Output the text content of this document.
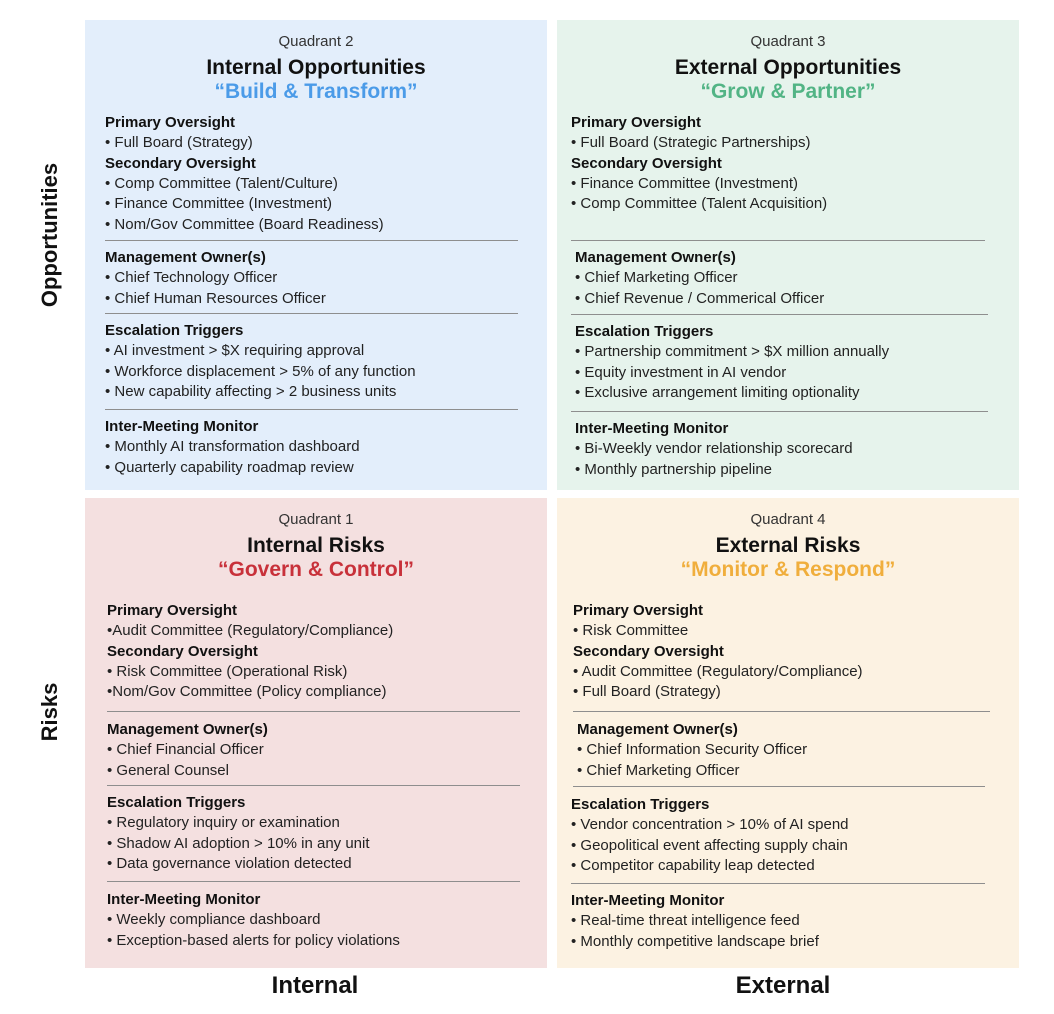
Opportunities
Risks
Internal	External
Quadrant 2
Internal Opportunities
“Build & Transform”
Primary Oversight
• Full Board (Strategy)
Secondary Oversight
• Comp Committee (Talent/Culture)
• Finance Committee (Investment)
• Nom/Gov Committee (Board Readiness)
Management Owner(s)
• Chief Technology Officer
• Chief Human Resources Officer
Escalation Triggers
• AI investment > $X requiring approval
• Workforce displacement > 5% of any function
• New capability affecting > 2 business units
Inter-Meeting Monitor
• Monthly AI transformation dashboard
• Quarterly capability roadmap review
Quadrant 3
External Opportunities
“Grow & Partner”
Primary Oversight
• Full Board (Strategic Partnerships)
Secondary Oversight
• Finance Committee (Investment)
• Comp Committee (Talent Acquisition)
Management Owner(s)
• Chief Marketing Officer
• Chief Revenue / Commerical Officer
Escalation Triggers
• Partnership commitment > $X million annually
• Equity investment in AI vendor
• Exclusive arrangement limiting optionality
Inter-Meeting Monitor
• Bi-Weekly vendor relationship scorecard
• Monthly partnership pipeline
Quadrant 1
Internal Risks
“Govern & Control”
Primary Oversight
•Audit Committee (Regulatory/Compliance)
Secondary Oversight
• Risk Committee (Operational Risk)
•Nom/Gov Committee (Policy compliance)
Management Owner(s)
• Chief Financial Officer
• General Counsel
Escalation Triggers
• Regulatory inquiry or examination
• Shadow AI adoption > 10% in any unit
• Data governance violation detected
Inter-Meeting Monitor
• Weekly compliance dashboard
• Exception-based alerts for policy violations
Quadrant 4
External Risks
“Monitor & Respond”
Primary Oversight
• Risk Committee
Secondary Oversight
• Audit Committee (Regulatory/Compliance)
• Full Board (Strategy)
Management Owner(s)
• Chief Information Security Officer
• Chief Marketing Officer
Escalation Triggers
• Vendor concentration > 10% of AI spend
• Geopolitical event affecting supply chain
• Competitor capability leap detected
Inter-Meeting Monitor
• Real-time threat intelligence feed
• Monthly competitive landscape brief
